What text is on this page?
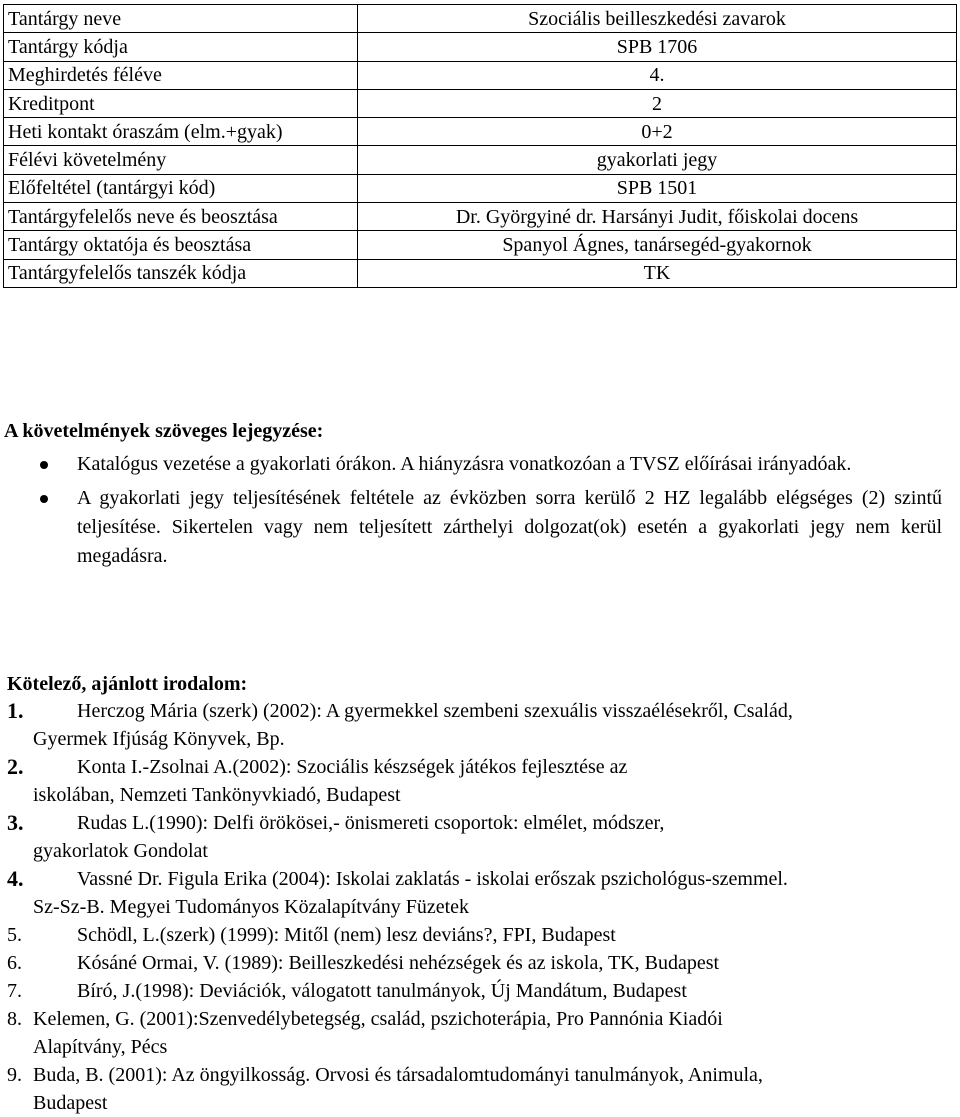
Tantárgy neve	Szociális beilleszkedési zavarok
Tantárgy kódja	SPB 1706
Meghirdetés féléve	4.
Kreditpont	2
Heti kontakt óraszám (elm.+gyak)	0+2
Félévi követelmény	gyakorlati jegy
Előfeltétel (tantárgyi kód)	SPB 1501
Tantárgyfelelős neve és beosztása	Dr. Györgyiné dr. Harsányi Judit, főiskolai docens
Tantárgy oktatója és beosztása	Spanyol Ágnes, tanársegéd-gyakornok
Tantárgyfelelős tanszék kódja	TK

A követelmények szöveges lejegyzése:

Katalógus vezetése a gyakorlati órákon. A hiányzásra vonatkozóan a TVSZ előírásai irányadóak.
A gyakorlati jegy teljesítésének feltétele az évközben sorra kerülő 2 HZ legalább elégséges (2) szintű teljesítése. Sikertelen vagy nem teljesített zárthelyi dolgozat(ok) esetén a gyakorlati jegy nem kerül megadásra.

Kötelező, ajánlott irodalom:

1.	Herczog Mária (szerk) (2002): A gyermekkel szembeni szexuális visszaélésekről, Család,
Gyermek Ifjúság Könyvek, Bp.
2.	Konta I.-Zsolnai A.(2002): Szociális készségek játékos fejlesztése az
iskolában, Nemzeti Tankönyvkiadó, Budapest
3.	Rudas L.(1990): Delfi örökösei,- önismereti csoportok: elmélet, módszer,
gyakorlatok Gondolat
4.	Vassné Dr. Figula Erika (2004): Iskolai zaklatás - iskolai erőszak pszichológus-szemmel.
Sz-Sz-B. Megyei Tudományos Közalapítvány Füzetek
5.	Schödl, L.(szerk) (1999): Mitől (nem) lesz deviáns?, FPI, Budapest
6.	Kósáné Ormai, V. (1989): Beilleszkedési nehézségek és az iskola, TK, Budapest
7.	Bíró, J.(1998): Deviációk, válogatott tanulmányok, Új Mandátum, Budapest
8. Kelemen, G. (2001):Szenvedélybetegség, család, pszichoterápia, Pro Pannónia Kiadói
Alapítvány, Pécs
9. Buda, B. (2001): Az öngyilkosság. Orvosi és társadalomtudományi tanulmányok, Animula,
Budapest
